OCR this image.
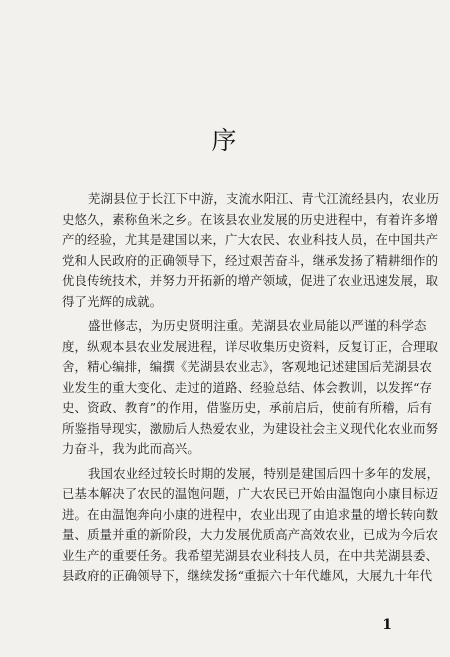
序
芜湖县位于长江下中游，支流水阳江、青弋江流经县内，农业历
史悠久，素称鱼米之乡。在该县农业发展的历史进程中，有着许多增
产的经验，尤其是建国以来，广大农民、农业科技人员，在中国共产
党和人民政府的正确领导下，经过艰苦奋斗，继承发扬了精耕细作的
优良传统技术，并努力开拓新的增产领域，促进了农业迅速发展，取
得了光辉的成就。
盛世修志，为历史贤明注重。芜湖县农业局能以严谨的科学态
度，纵观本县农业发展进程，详尽收集历史资料，反复订正，合理取
舍，精心编排，编撰《芜湖县农业志》，客观地记述建国后芜湖县农
业发生的重大变化、走过的道路、经验总结、体会教训，以发挥“存
史、资政、教育”的作用，借鉴历史，承前启后，使前有所稽，后有
所鉴指导现实，激励后人热爱农业，为建设社会主义现代化农业而努
力奋斗，我为此而高兴。
我国农业经过较长时期的发展，特别是建国后四十多年的发展，
已基本解决了农民的温饱问题，广大农民已开始由温饱向小康目标迈
进。在由温饱奔向小康的进程中，农业出现了由追求量的增长转向数
量、质量并重的新阶段，大力发展优质高产高效农业，已成为今后农
业生产的重要任务。我希望芜湖县农业科技人员，在中共芜湖县委、
县政府的正确领导下，继续发扬“重振六十年代雄风，大展九十年代
1
